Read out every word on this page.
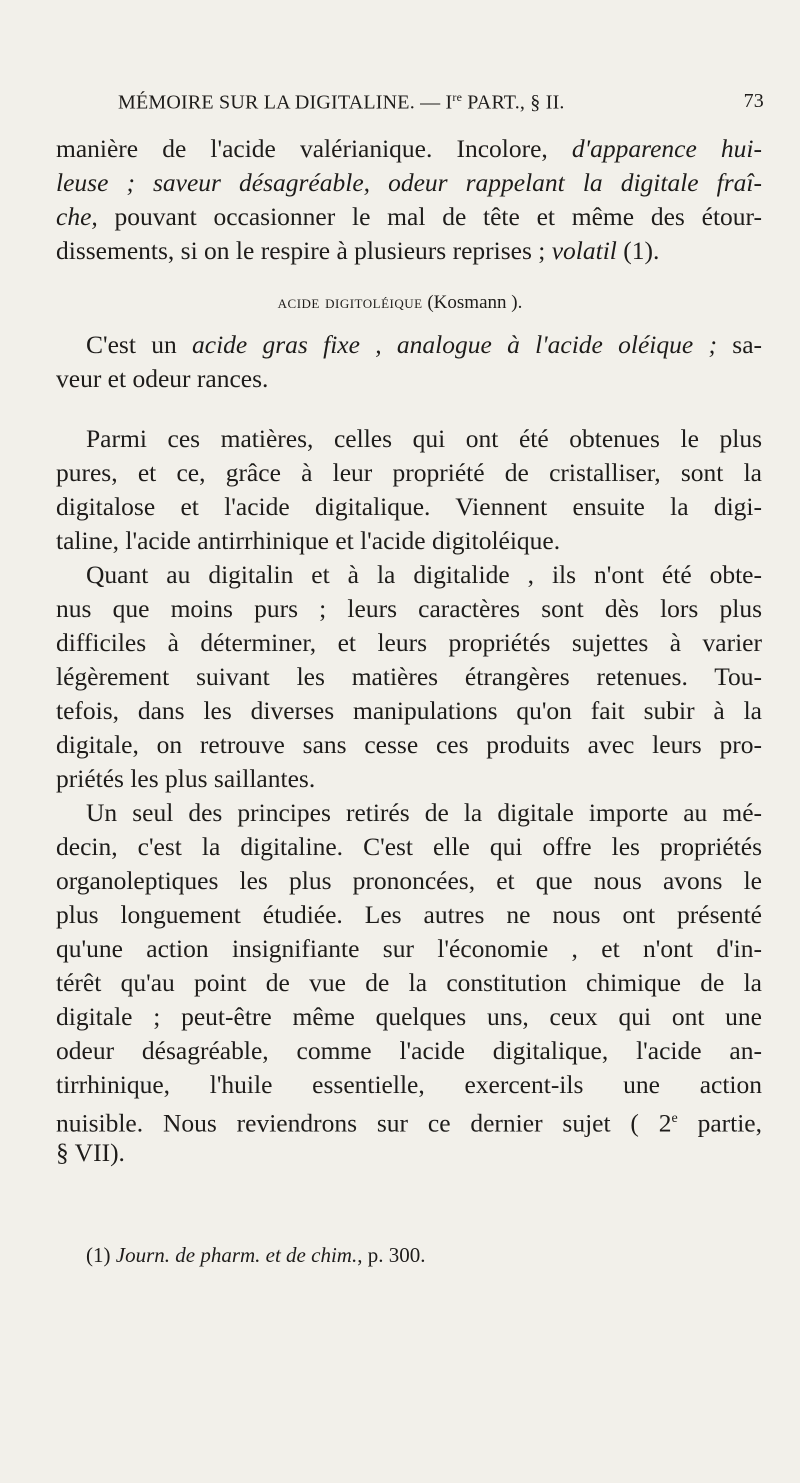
MÉMOIRE SUR LA DIGITALINE. — Ire PART., § II.	73
manière de l'acide valérianique. Incolore, d'apparence hui-
leuse ; saveur désagréable, odeur rappelant la digitale fraî-
che, pouvant occasionner le mal de tête et même des étour-
dissements, si on le respire à plusieurs reprises ; volatil (1).
acide digitoléique (Kosmann ).
C'est un acide gras fixe , analogue à l'acide oléique ; sa-
veur et odeur rances.
Parmi ces matières, celles qui ont été obtenues le plus
pures, et ce, grâce à leur propriété de cristalliser, sont la
digitalose et l'acide digitalique. Viennent ensuite la digi-
taline, l'acide antirrhinique et l'acide digitoléique.
Quant au digitalin et à la digitalide , ils n'ont été obte-
nus que moins purs ; leurs caractères sont dès lors plus
difficiles à déterminer, et leurs propriétés sujettes à varier
légèrement suivant les matières étrangères retenues. Tou-
tefois, dans les diverses manipulations qu'on fait subir à la
digitale, on retrouve sans cesse ces produits avec leurs pro-
priétés les plus saillantes.
Un seul des principes retirés de la digitale importe au mé-
decin, c'est la digitaline. C'est elle qui offre les propriétés
organoleptiques les plus prononcées, et que nous avons le
plus longuement étudiée. Les autres ne nous ont présenté
qu'une action insignifiante sur l'économie , et n'ont d'in-
térêt qu'au point de vue de la constitution chimique de la
digitale ; peut-être même quelques uns, ceux qui ont une
odeur désagréable, comme l'acide digitalique, l'acide an-
tirrhinique, l'huile essentielle, exercent-ils une action
nuisible. Nous reviendrons sur ce dernier sujet ( 2e partie,
§ VII).
(1) Journ. de pharm. et de chim., p. 300.
